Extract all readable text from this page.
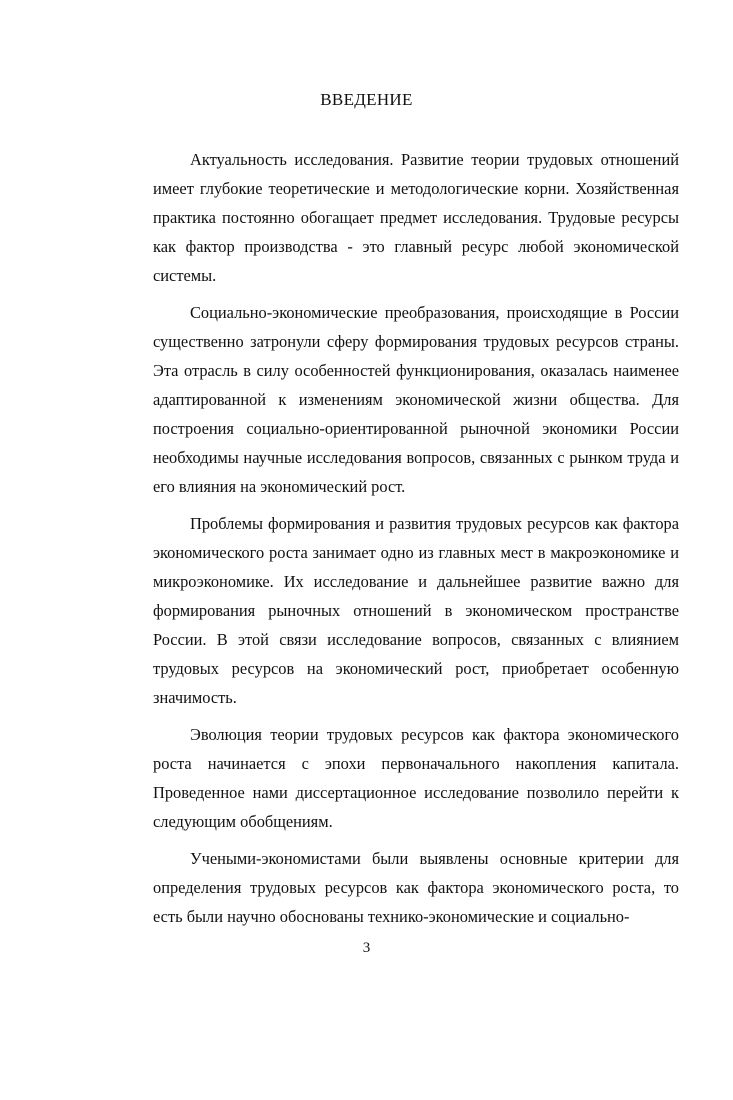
ВВЕДЕНИЕ

Актуальность исследования. Развитие теории трудовых отношений имеет глубокие теоретические и методологические корни. Хозяйственная практика постоянно обогащает предмет исследования. Трудовые ресурсы как фактор производства - это главный ресурс любой экономической системы.

Социально-экономические преобразования, происходящие в России существенно затронули сферу формирования трудовых ресурсов страны. Эта отрасль в силу особенностей функционирования, оказалась наименее адаптированной к изменениям экономической жизни общества. Для построения социально-ориентированной рыночной экономики России необходимы научные исследования вопросов, связанных с рынком труда и его влияния на экономический рост.

Проблемы формирования и развития трудовых ресурсов как фактора экономического роста занимает одно из главных мест в макроэкономике и микроэкономике. Их исследование и дальнейшее развитие важно для формирования рыночных отношений в экономическом пространстве России. В этой связи исследование вопросов, связанных с влиянием трудовых ресурсов на экономический рост, приобретает особенную значимость.

Эволюция теории трудовых ресурсов как фактора экономического роста начинается с эпохи первоначального накопления капитала. Проведенное нами диссертационное исследование позволило перейти к следующим обобщениям.

Учеными-экономистами были выявлены основные критерии для определения трудовых ресурсов как фактора экономического роста, то есть были научно обоснованы технико-экономические и социально-

3
